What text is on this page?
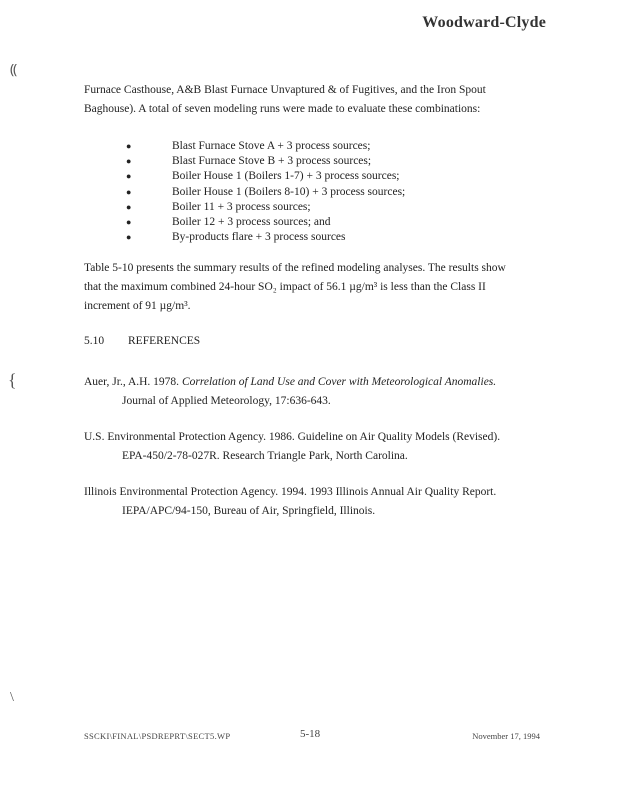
⸨
{
\
Woodward-Clyde
Furnace Casthouse, A&B Blast Furnace Unvaptured & of Fugitives, and the Iron Spout
Baghouse). A total of seven modeling runs were made to evaluate these combinations:
●	Blast Furnace Stove A + 3 process sources;
●	Blast Furnace Stove B + 3 process sources;
●	Boiler House 1 (Boilers 1-7) + 3 process sources;
●	Boiler House 1 (Boilers 8-10) + 3 process sources;
●	Boiler 11 + 3 process sources;
●	Boiler 12 + 3 process sources; and
●	By-products flare + 3 process sources
Table 5-10 presents the summary results of the refined modeling analyses. The results show
that the maximum combined 24-hour SO₂ impact of 56.1 µg/m³ is less than the Class II
increment of 91 µg/m³.
5.10 REFERENCES
Auer, Jr., A.H. 1978. Correlation of Land Use and Cover with Meteorological Anomalies.
Journal of Applied Meteorology, 17:636-643.
U.S. Environmental Protection Agency. 1986. Guideline on Air Quality Models (Revised).
EPA-450/2-78-027R. Research Triangle Park, North Carolina.
Illinois Environmental Protection Agency. 1994. 1993 Illinois Annual Air Quality Report.
IEPA/APC/94-150, Bureau of Air, Springfield, Illinois.
SSCKI\FINAL\PSDREPRT\SECT5.WP	5-18	November 17, 1994
